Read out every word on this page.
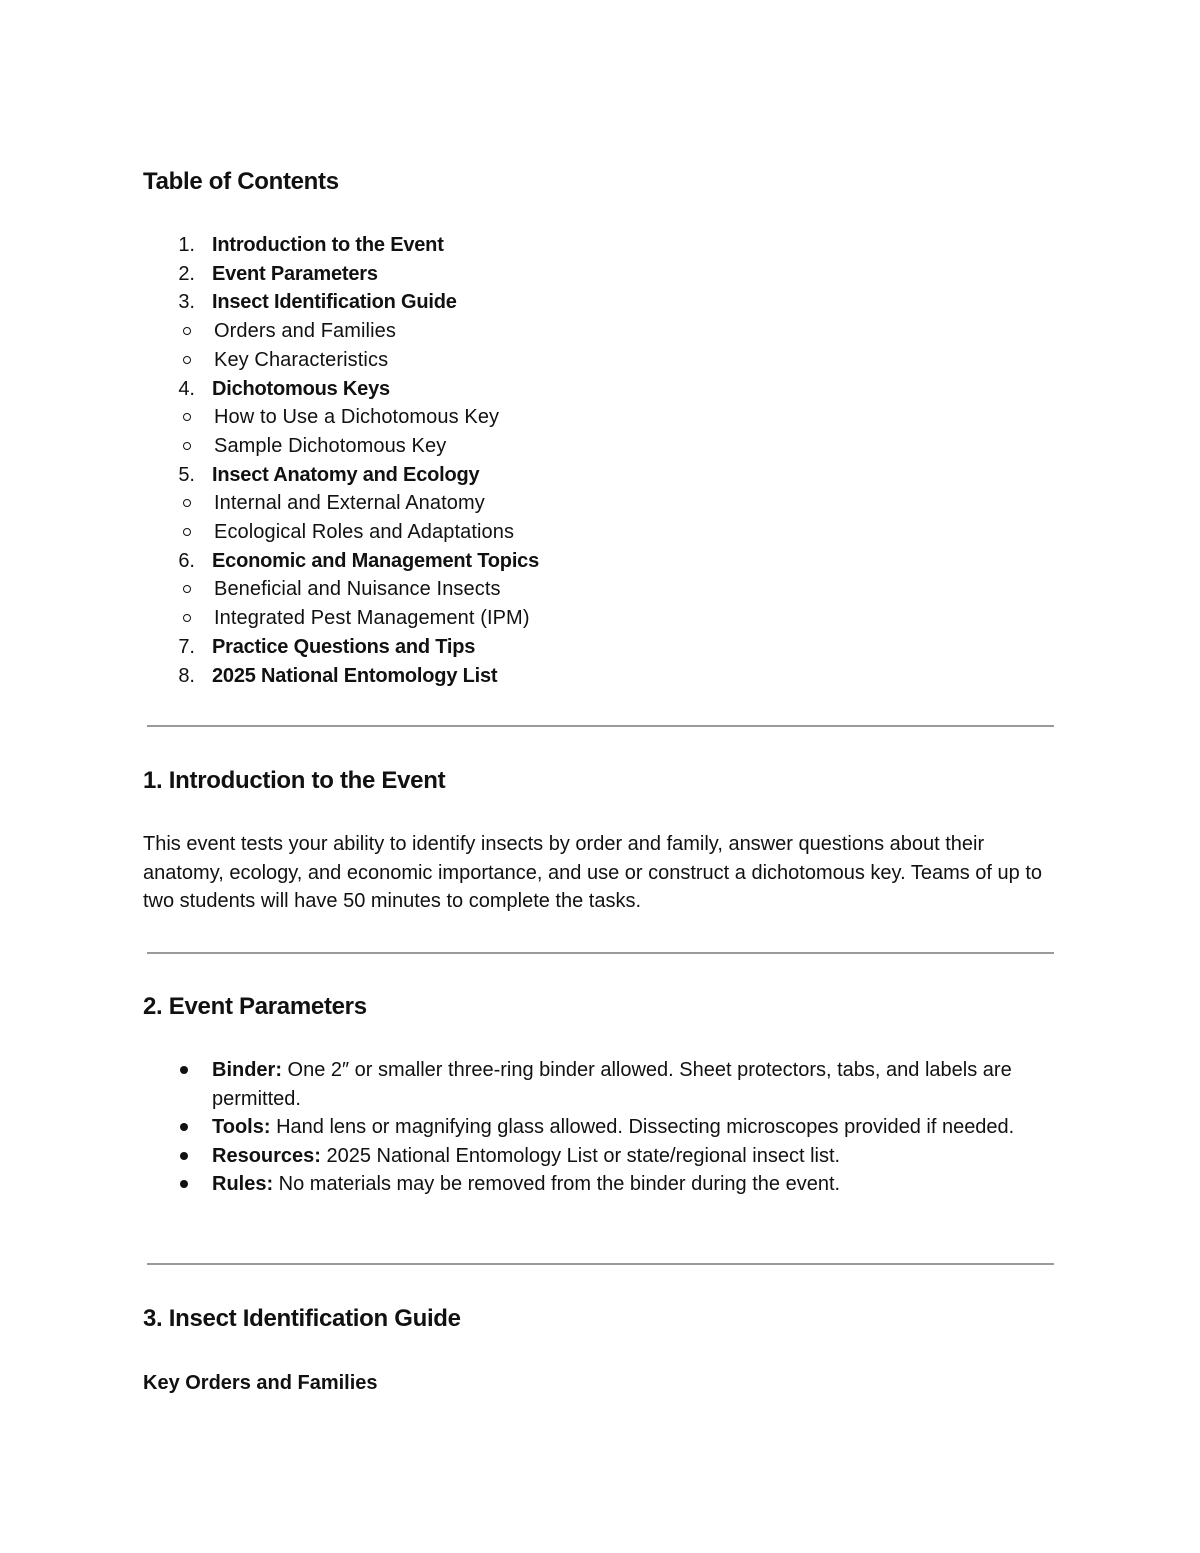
Table of Contents
1. Introduction to the Event
2. Event Parameters
3. Insect Identification Guide
Orders and Families
Key Characteristics
4. Dichotomous Keys
How to Use a Dichotomous Key
Sample Dichotomous Key
5. Insect Anatomy and Ecology
Internal and External Anatomy
Ecological Roles and Adaptations
6. Economic and Management Topics
Beneficial and Nuisance Insects
Integrated Pest Management (IPM)
7. Practice Questions and Tips
8. 2025 National Entomology List
1. Introduction to the Event

This event tests your ability to identify insects by order and family, answer questions about their anatomy, ecology, and economic importance, and use or construct a dichotomous key. Teams of up to two students will have 50 minutes to complete the tasks.

2. Event Parameters
Binder: One 2″ or smaller three-ring binder allowed. Sheet protectors, tabs, and labels are permitted.
Tools: Hand lens or magnifying glass allowed. Dissecting microscopes provided if needed.
Resources: 2025 National Entomology List or state/regional insect list.
Rules: No materials may be removed from the binder during the event.
3. Insect Identification Guide
Key Orders and Families
